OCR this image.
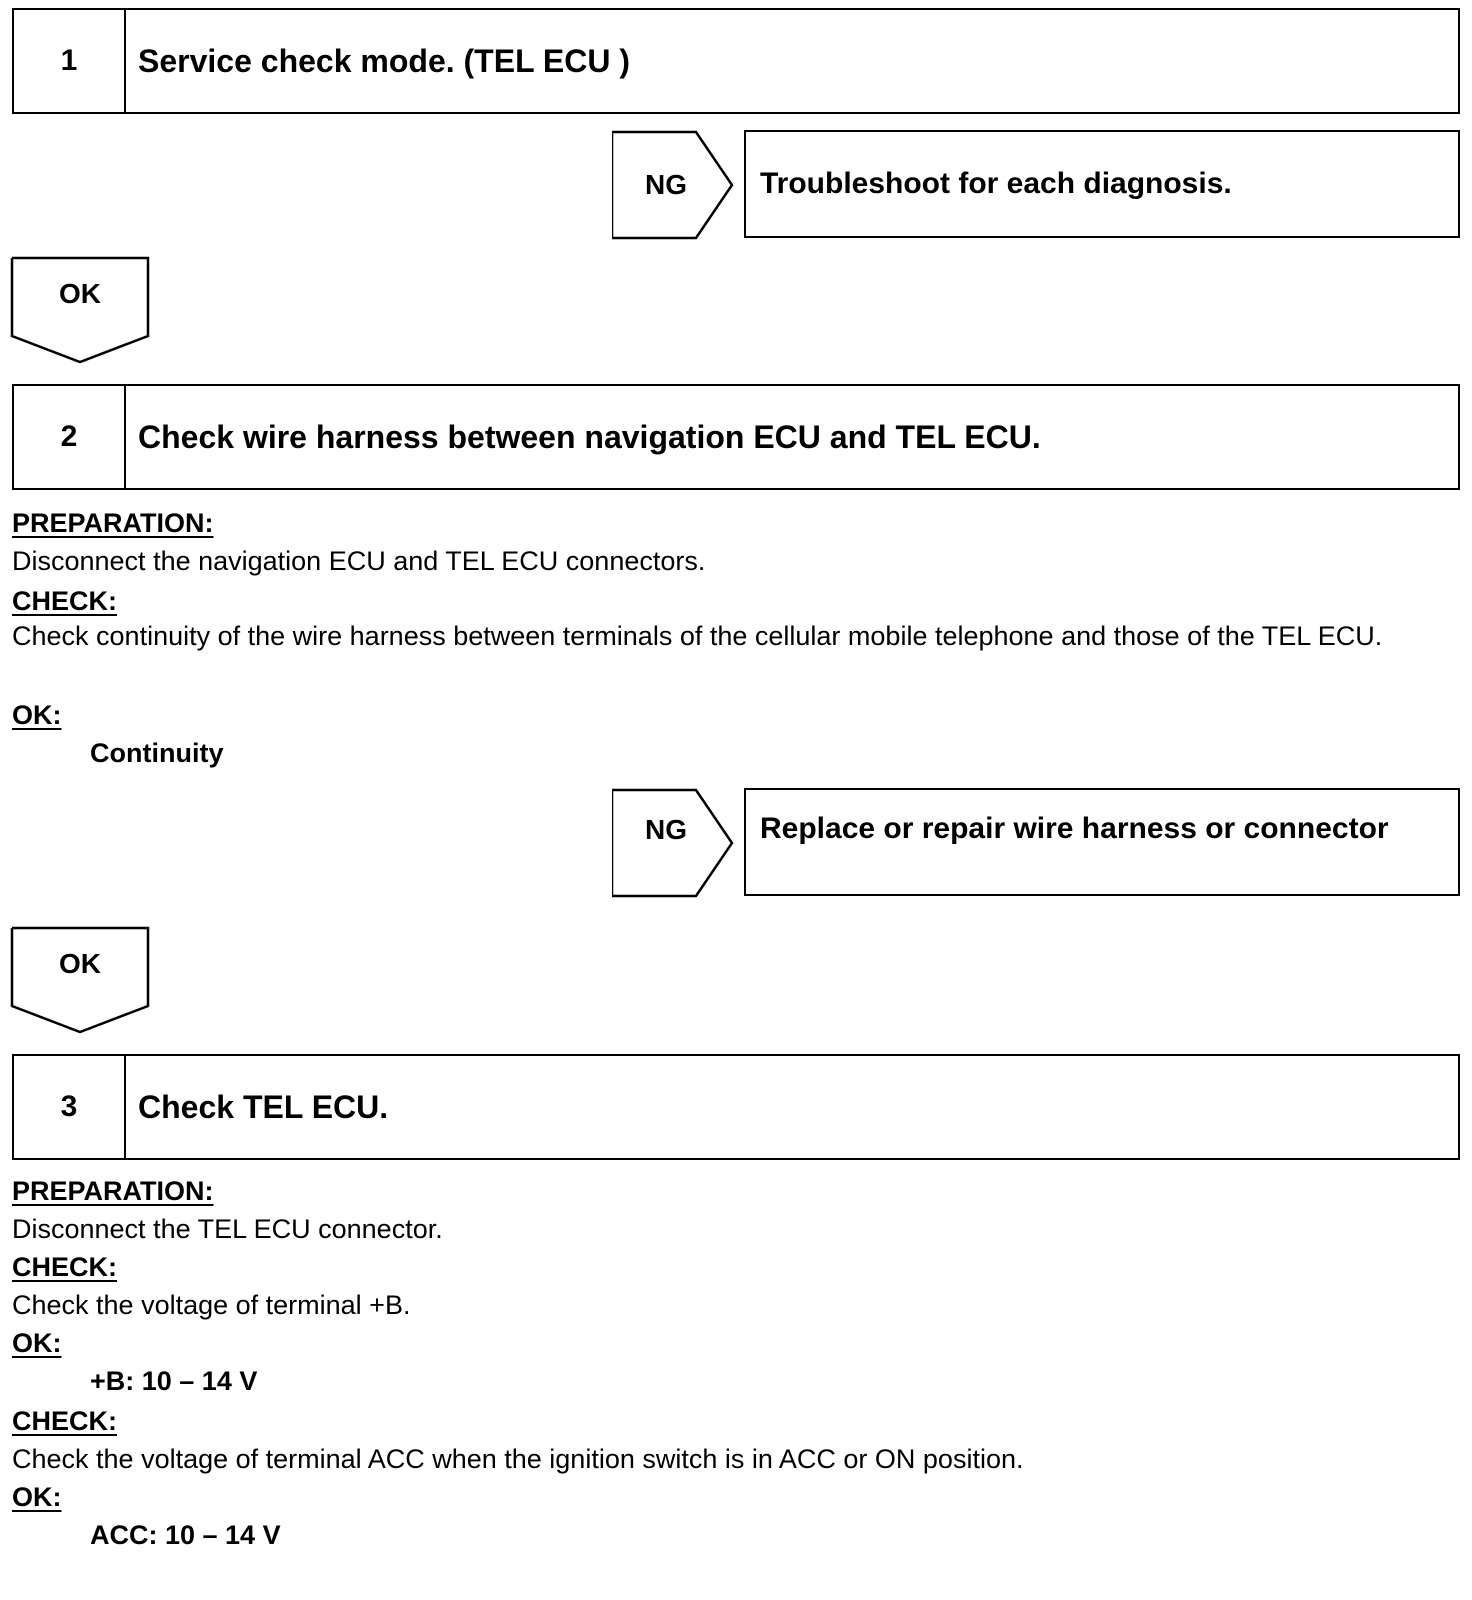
1	Service check mode. (TEL ECU )
NG	Troubleshoot for each diagnosis.
OK
2	Check wire harness between navigation ECU and TEL ECU.
PREPARATION:
Disconnect the navigation ECU and TEL ECU connectors.
CHECK:
Check continuity of the wire harness between terminals of the cellular mobile telephone and those of the TEL ECU.
OK:
Continuity
NG	Replace or repair wire harness or connector
OK
3	Check TEL ECU.
PREPARATION:
Disconnect the TEL ECU connector.
CHECK:
Check the voltage of terminal +B.
OK:
+B: 10 – 14 V
CHECK:
Check the voltage of terminal ACC when the ignition switch is in ACC or ON position.
OK:
ACC: 10 – 14 V
